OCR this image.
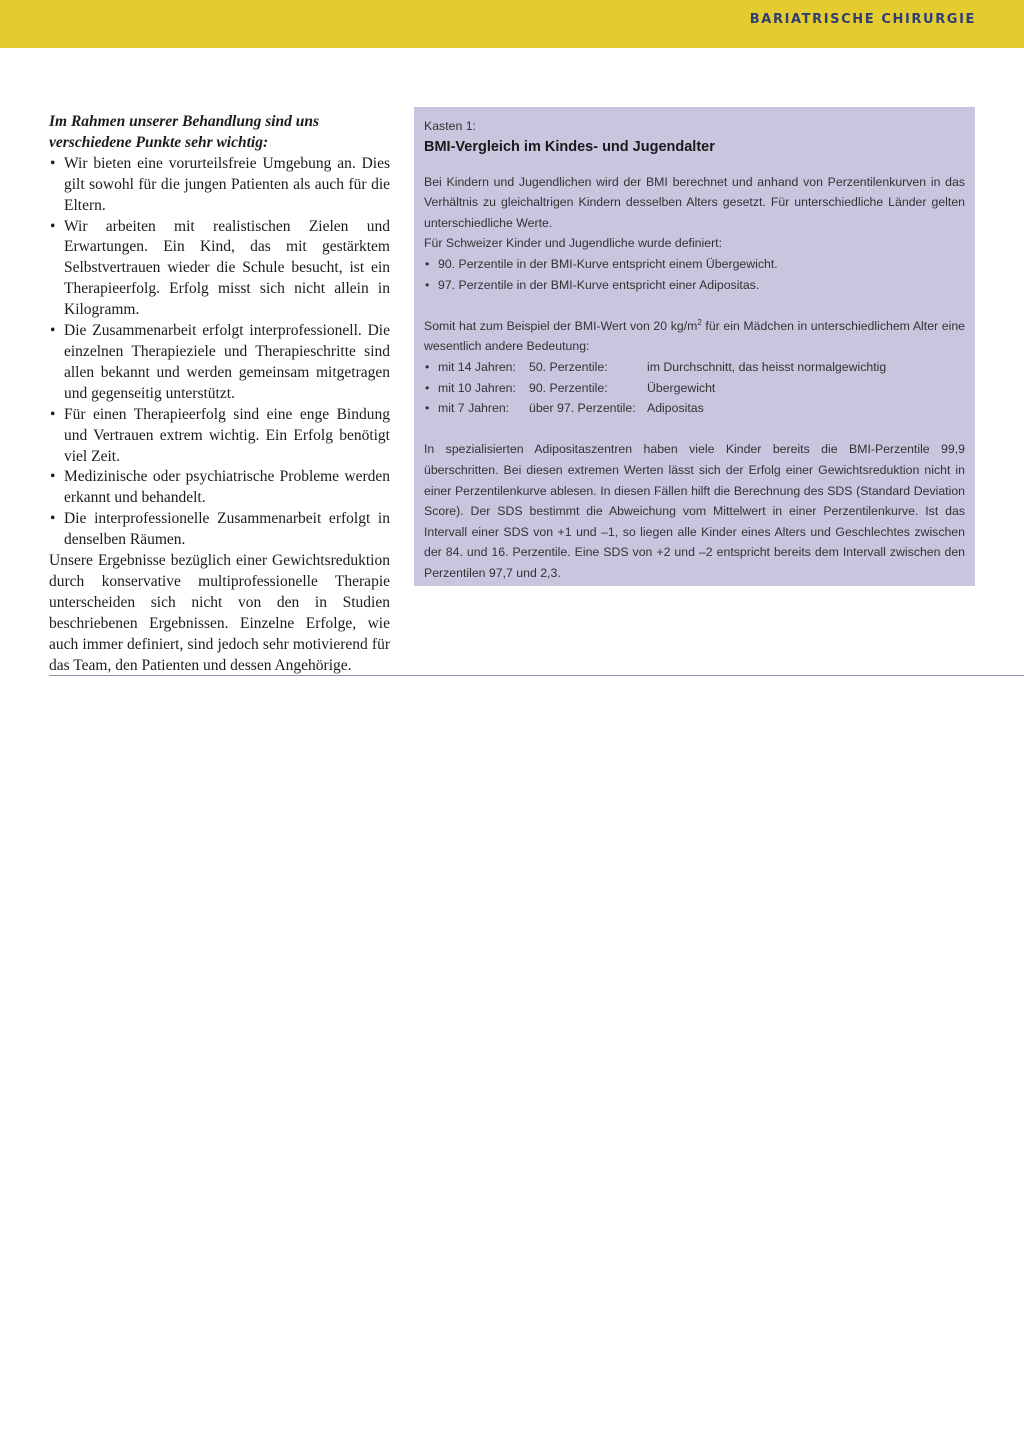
BARIATRISCHE CHIRURGIE

Im Rahmen unserer Behandlung sind uns verschiedene Punkte sehr wichtig:

• Wir bieten eine vorurteilsfreie Umgebung an. Dies gilt sowohl für die jungen Patienten als auch für die Eltern.
• Wir arbeiten mit realistischen Zielen und Erwartungen. Ein Kind, das mit gestärktem Selbstvertrauen wieder die Schule besucht, ist ein Therapieerfolg. Erfolg misst sich nicht allein in Kilogramm.
• Die Zusammenarbeit erfolgt interprofessionell. Die einzelnen Therapieziele und Therapieschritte sind allen bekannt und werden gemeinsam mitgetragen und gegenseitig unterstützt.
• Für einen Therapieerfolg sind eine enge Bindung und Vertrauen extrem wichtig. Ein Erfolg benötigt viel Zeit.
• Medizinische oder psychiatrische Probleme werden erkannt und behandelt.
• Die interprofessionelle Zusammenarbeit erfolgt in denselben Räumen.

Unsere Ergebnisse bezüglich einer Gewichtsreduktion durch konservative multiprofessionelle Therapie unterscheiden sich nicht von den in Studien beschriebenen Ergebnissen. Einzelne Erfolge, wie auch immer definiert, sind jedoch sehr motivierend für das Team, den Patienten und dessen Angehörige.

Kasten 1:

BMI-Vergleich im Kindes- und Jugendalter

Bei Kindern und Jugendlichen wird der BMI berechnet und anhand von Perzentilenkurven in das Verhältnis zu gleichaltrigen Kindern desselben Alters gesetzt. Für unterschiedliche Länder gelten unterschiedliche Werte.

Für Schweizer Kinder und Jugendliche wurde definiert:

• 90. Perzentile in der BMI-Kurve entspricht einem Übergewicht.
• 97. Perzentile in der BMI-Kurve entspricht einer Adipositas.

Somit hat zum Beispiel der BMI-Wert von 20 $kg/m^2$ für ein Mädchen in unterschiedlichem Alter eine wesentlich andere Bedeutung:

• mit 14 Jahren: 50. Perzentile:	im Durchschnitt, das heisst normalgewichtig
• mit 10 Jahren: 90. Perzentile:	Übergewicht
• mit 7 Jahren: über 97. Perzentile: Adipositas

In spezialisierten Adipositaszentren haben viele Kinder bereits die BMI-Perzentile 99,9 überschritten. Bei diesen extremen Werten lässt sich der Erfolg einer Gewichtsreduktion nicht in einer Perzentilenkurve ablesen. In diesen Fällen hilft die Berechnung des SDS (Standard Deviation Score). Der SDS bestimmt die Abweichung vom Mittelwert in einer Perzentilenkurve. Ist das Intervall einer SDS von +1 und –1, so liegen alle Kinder eines Alters und Geschlechtes zwischen der 84. und 16. Perzentile. Eine SDS von +2 und –2 entspricht bereits dem Intervall zwischen den Perzentilen 97,7 und 2,3.
